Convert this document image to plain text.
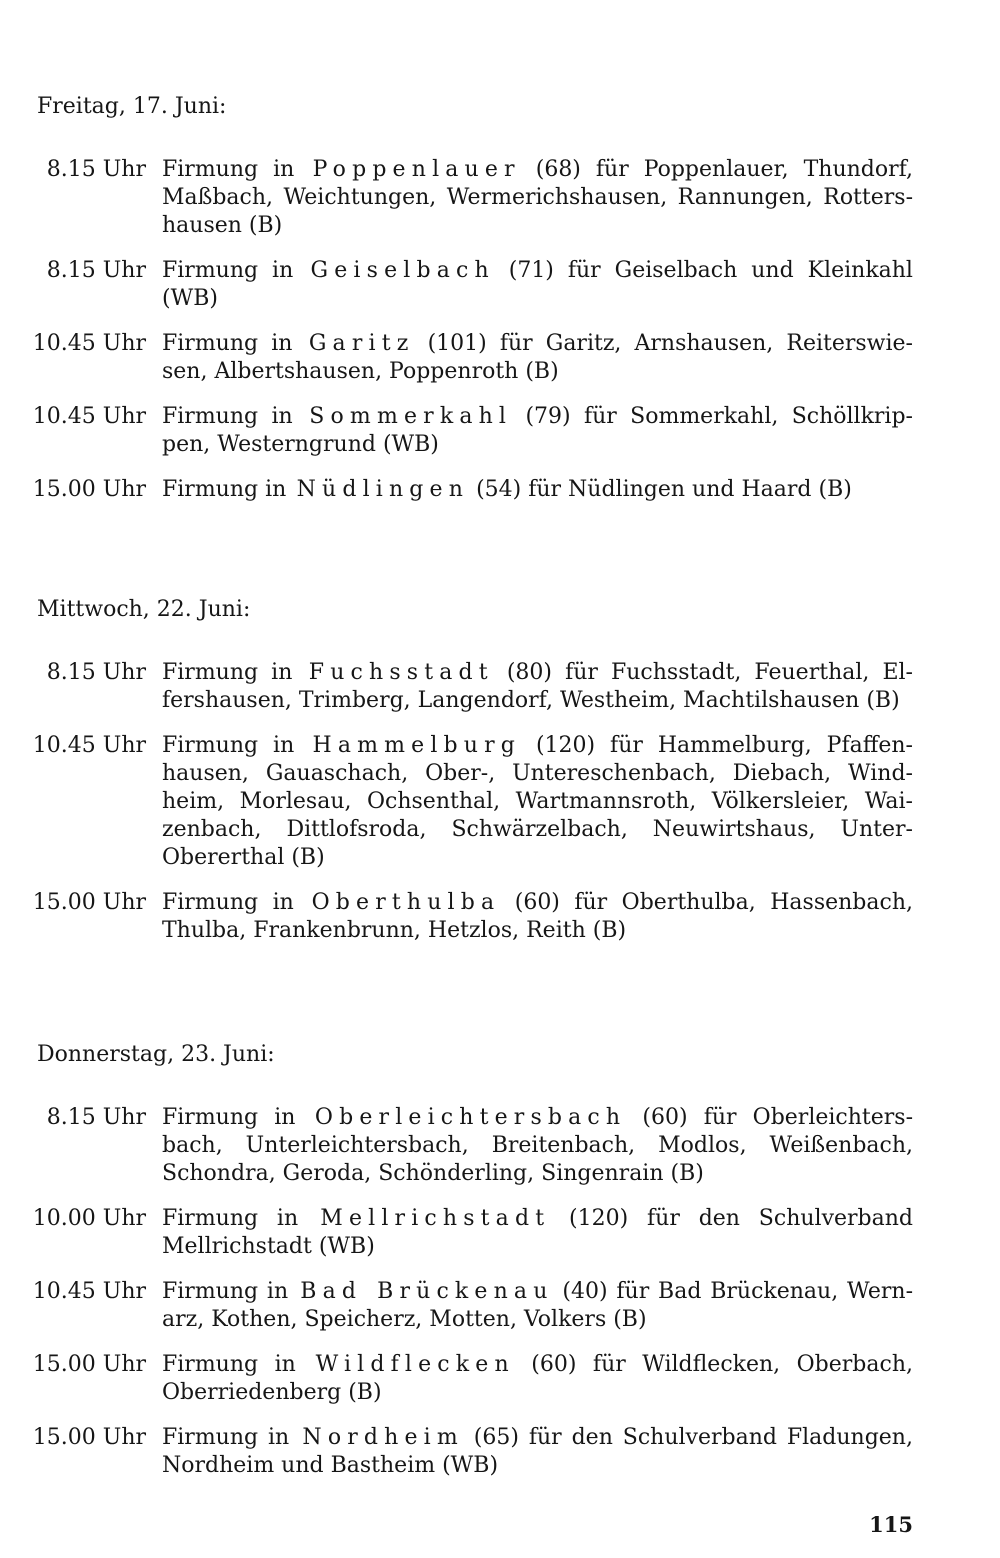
Freitag, 17. Juni:
8.15 Uhr Firmung in Poppenlauer (68) für Poppenlauer, Thundorf,
Maßbach, Weichtungen, Wermerichshausen, Rannungen, Rotters-
hausen (B)
8.15 Uhr Firmung in Geiselbach (71) für Geiselbach und Kleinkahl
(WB)
10.45 Uhr Firmung in Garitz (101) für Garitz, Arnshausen, Reiterswie-
sen, Albertshausen, Poppenroth (B)
10.45 Uhr Firmung in Sommerkahl (79) für Sommerkahl, Schöllkrip-
pen, Westerngrund (WB)
15.00 Uhr Firmung in Nüdlingen (54) für Nüdlingen und Haard (B)
Mittwoch, 22. Juni:
8.15 Uhr Firmung in Fuchsstadt (80) für Fuchsstadt, Feuerthal, El-
fershausen, Trimberg, Langendorf, Westheim, Machtilshausen (B)
10.45 Uhr Firmung in Hammelburg (120) für Hammelburg, Pfaffen-
hausen, Gauaschach, Ober-, Untereschenbach, Diebach, Wind-
heim, Morlesau, Ochsenthal, Wartmannsroth, Völkersleier, Wai-
zenbach, Dittlofsroda, Schwärzelbach, Neuwirtshaus, Unter-
Obererthal (B)
15.00 Uhr Firmung in Oberthulba (60) für Oberthulba, Hassenbach,
Thulba, Frankenbrunn, Hetzlos, Reith (B)
Donnerstag, 23. Juni:
8.15 Uhr Firmung in Oberleichtersbach (60) für Oberleichters-
bach, Unterleichtersbach, Breitenbach, Modlos, Weißenbach,
Schondra, Geroda, Schönderling, Singenrain (B)
10.00 Uhr Firmung in Mellrichstadt (120) für den Schulverband
Mellrichstadt (WB)
10.45 Uhr Firmung in Bad Brückenau (40) für Bad Brückenau, Wern-
arz, Kothen, Speicherz, Motten, Volkers (B)
15.00 Uhr Firmung in Wildflecken (60) für Wildflecken, Oberbach,
Oberriedenberg (B)
15.00 Uhr Firmung in Nordheim (65) für den Schulverband Fladungen,
Nordheim und Bastheim (WB)
115
